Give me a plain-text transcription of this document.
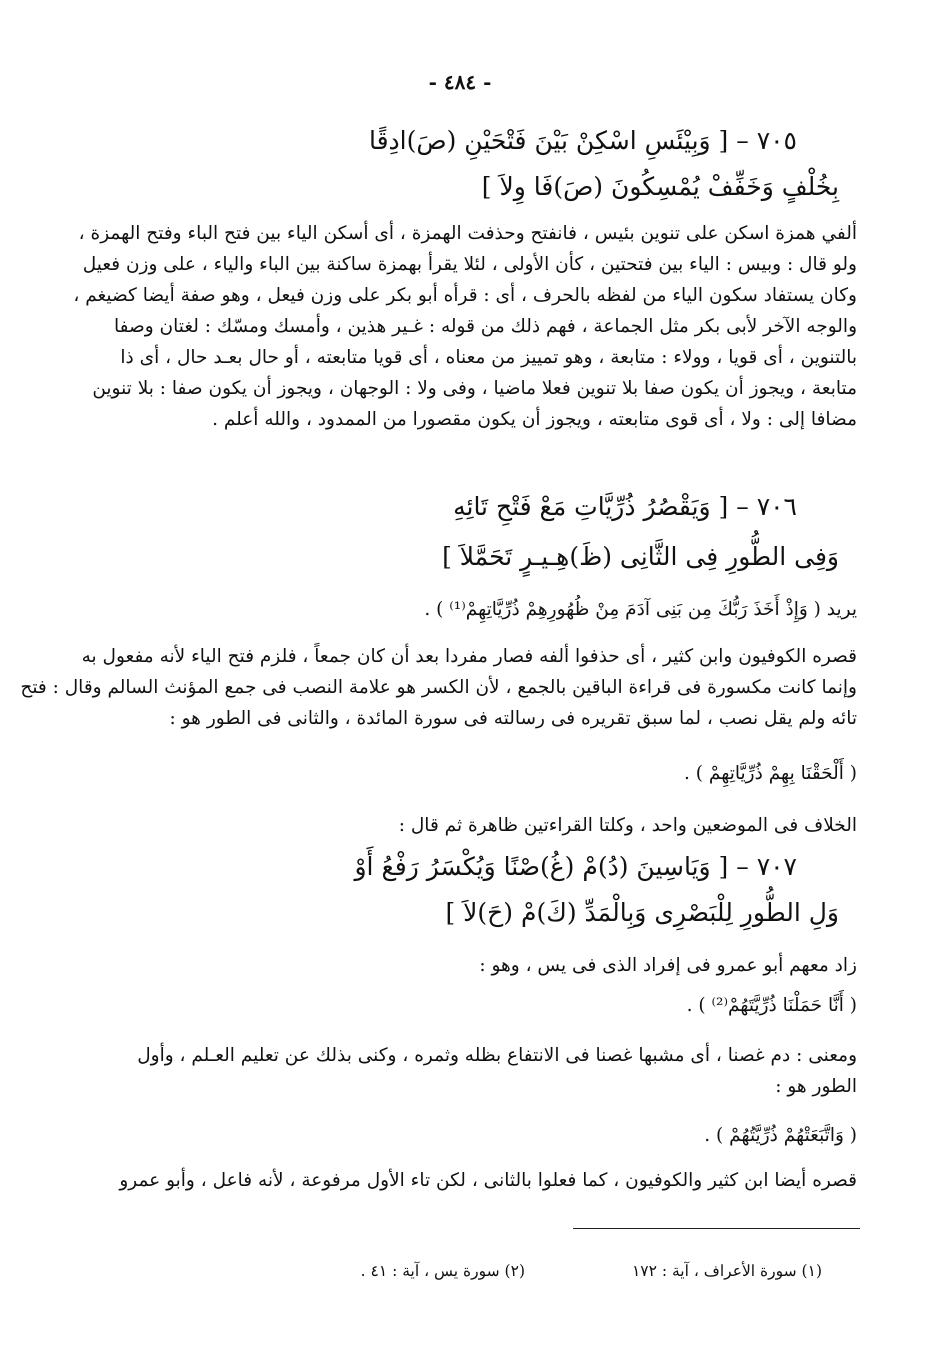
- ٤٨٤ -
٧٠٥ – [ وَبِيْئَسِ اسْكِنْ بَيْنَ فَتْحَيْنِ (صَ)ادِقًا
بِخُلْفٍ وَخَفِّفْ يُمْسِكُونَ (صَ)فَا وِلاَ ]

ألفي همزة اسكن على تنوين بئيس ، فانفتح وحذفت الهمزة ، أى أسكن الياء بين فتح الباء وفتح الهمزة ،

ولو قال : وبيس : الياء بين فتحتين ، كأن الأولى ، لئلا يقرأ بهمزة ساكنة بين الباء والياء ، على وزن فعيل

وكان يستفاد سكون الياء من لفظه بالحرف ، أى : قرأه أبو بكر على وزن فيعل ، وهو صفة أيضا كضيغم ،

والوجه الآخر لأبى بكر مثل الجماعة ، فهم ذلك من قوله : غـير هذين ، وأمسك ومسّك : لغتان وصفا

بالتنوين ، أى قويا ، وولاء : متابعة ، وهو تمييز من معناه ، أى قويا متابعته ، أو حال بعـد حال ، أى ذا

متابعة ، ويجوز أن يكون صفا بلا تنوين فعلا ماضيا ، وفى ولا : الوجهان ، ويجوز أن يكون صفا : بلا تنوين

مضافا إلى : ولا ، أى قوى متابعته ، ويجوز أن يكون مقصورا من الممدود ، والله أعلم .

٧٠٦ – [ وَيَقْصُرُ ذُرِّيَّاتِ مَعْ فَتْحِ تَائِهِ
وَفِى الطُّورِ فِى الثَّانِى (ظَ)هِـيـرٍ تَحَمَّلاَ ]
يريد ( وَإِذْ أَخَذَ رَبُّكَ مِن بَنِى آدَمَ مِنْ ظُهُورِهِمْ ذُرِّيَّاتِهِمْ⁽¹⁾ ) .

قصره الكوفيون وابن كثير ، أى حذفوا ألفه فصار مفردا بعد أن كان جمعاً ، فلزم فتح الياء لأنه مفعول به

وإنما كانت مكسورة فى قراءة الباقين بالجمع ، لأن الكسر هو علامة النصب فى جمع المؤنث السالم وقال : فتح

تائه ولم يقل نصب ، لما سبق تقريره فى رسالته فى سورة المائدة ، والثانى فى الطور هو :

( أَلْحَقْنَا بِهِمْ ذُرِّيَّاتِهِمْ ) .
الخلاف فى الموضعين واحد ، وكلتا القراءتين ظاهرة ثم قال :
٧٠٧ – [ وَيَاسِينَ (دُ)مْ (غُ)صْنًا وَيُكْسَرُ رَفْعُ أَوْ
وَلِ الطُّورِ لِلْبَصْرِى وَبِالْمَدِّ (كَ)مْ (حَ)لاَ ]
زاد معهم أبو عمرو فى إفراد الذى فى يس ، وهو :
( أَنَّا حَمَلْنَا ذُرِّيَّتَهُمْ⁽²⁾ ) .

ومعنى : دم غصنا ، أى مشبها غصنا فى الانتفاع بظله وثمره ، وكنى بذلك عن تعليم العـلم ، وأول

الطور هو :

( وَاتَّبَعَتْهُمْ ذُرِّيَّتُهُمْ ) .

قصره أيضا ابن كثير والكوفيون ، كما فعلوا بالثانى ، لكن تاء الأول مرفوعة ، لأنه فاعل ، وأبو عمرو

(١) سورة الأعراف ، آية : ١٧٢
(٢) سورة يس ، آية : ٤١ .
